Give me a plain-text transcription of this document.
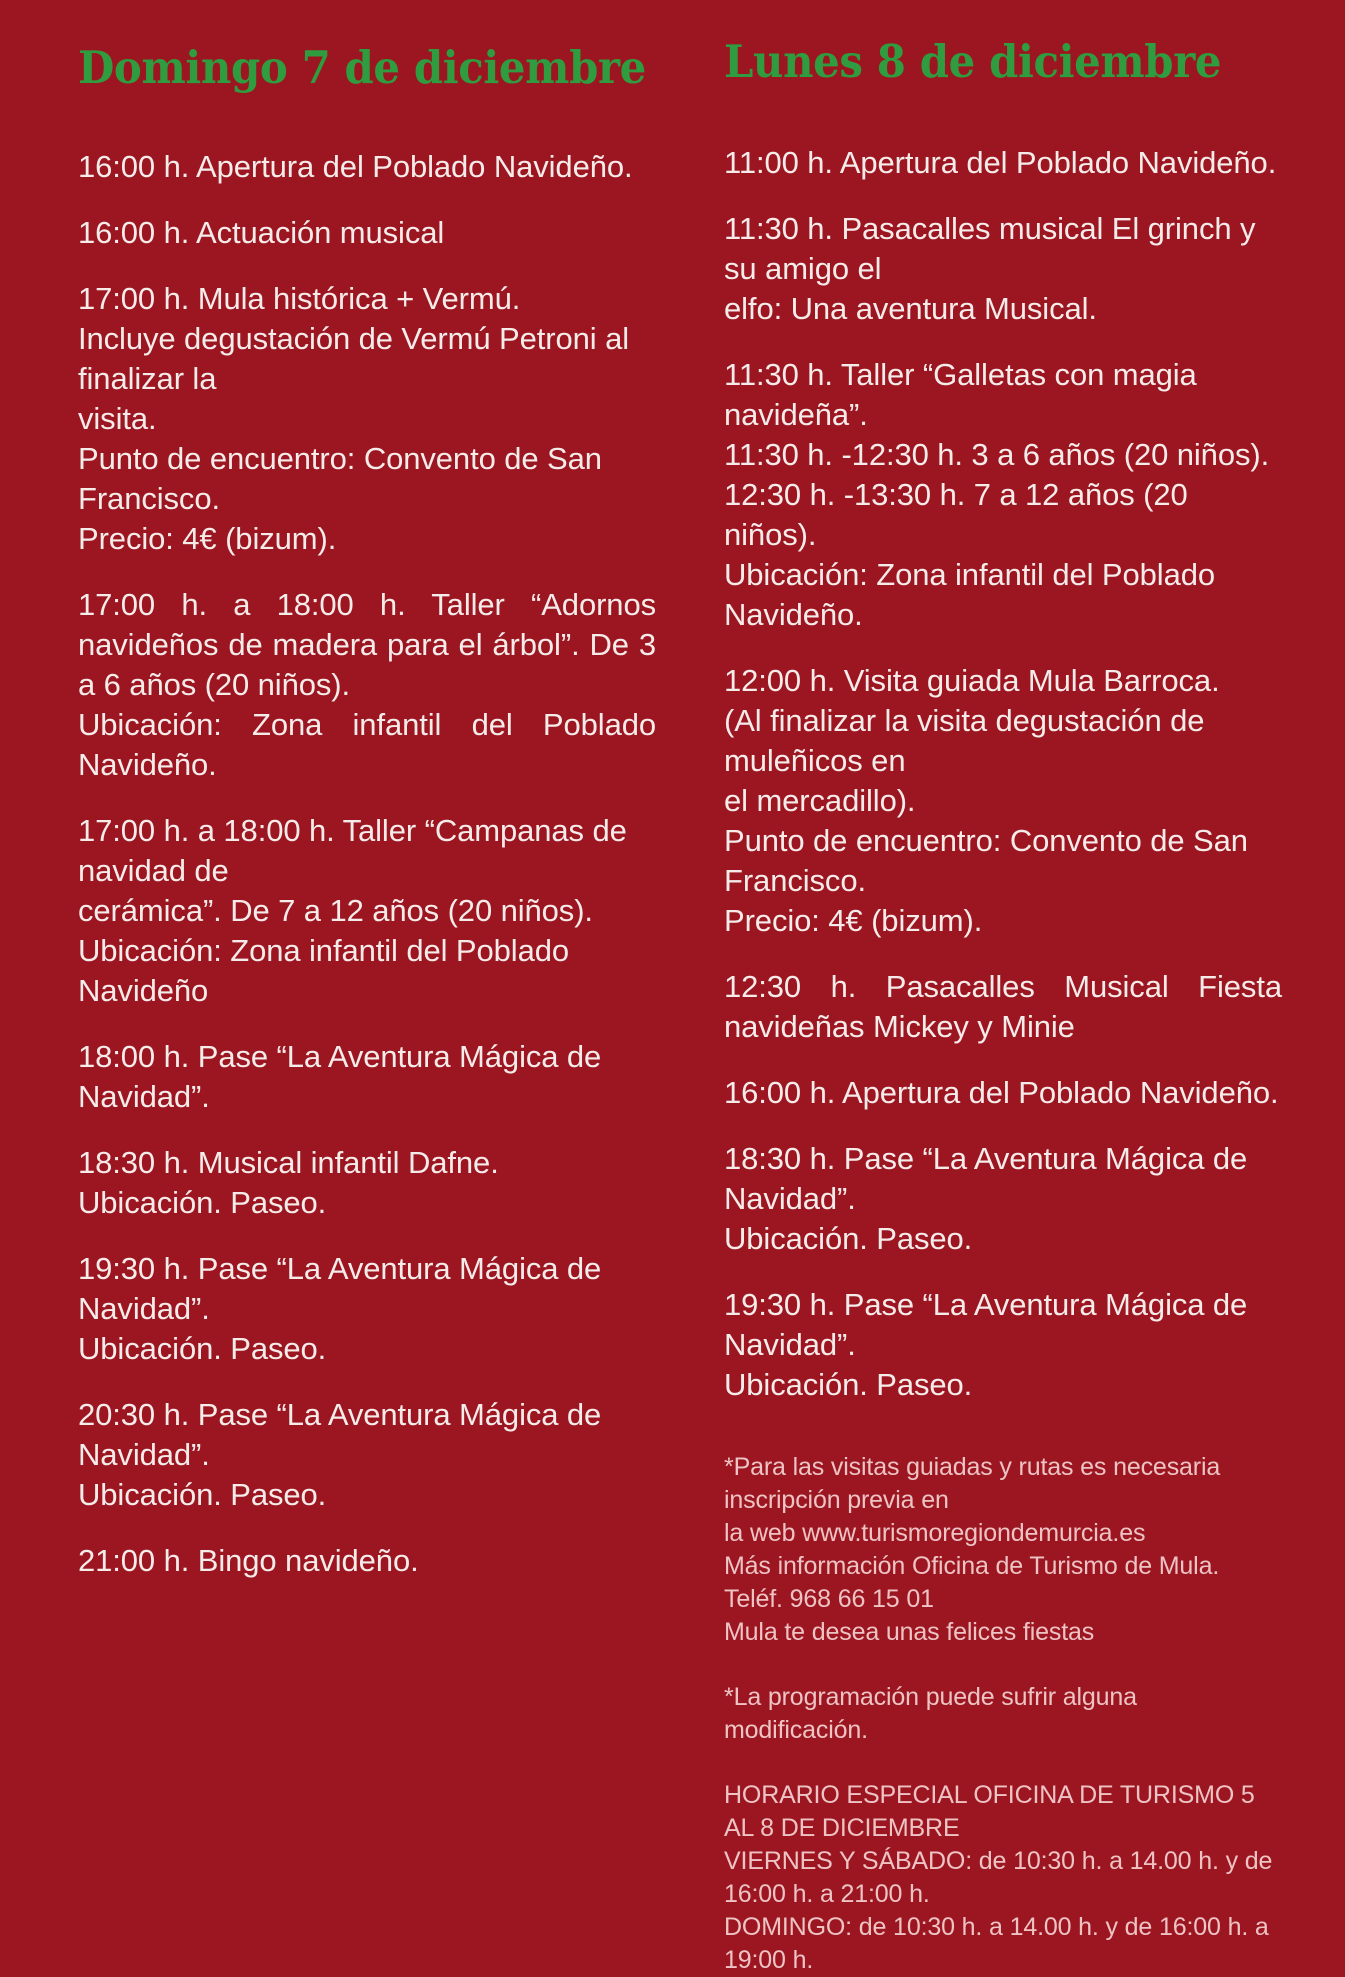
Domingo 7 de diciembre

16:00 h. Apertura del Poblado Navideño.

16:00 h. Actuación musical

17:00 h. Mula histórica + Vermú.
Incluye degustación de Vermú Petroni al finalizar la
visita.
Punto de encuentro: Convento de San Francisco.
Precio: 4€ (bizum).

17:00 h. a 18:00 h. Taller “Adornos navideños de madera para el árbol”. De 3 a 6 años (20 niños).
Ubicación: Zona infantil del Poblado Navideño.

17:00 h. a 18:00 h. Taller “Campanas de navidad de
cerámica”. De 7 a 12 años (20 niños).
Ubicación: Zona infantil del Poblado Navideño

18:00 h. Pase “La Aventura Mágica de Navidad”.

18:30 h. Musical infantil Dafne.
Ubicación. Paseo.

19:30 h. Pase “La Aventura Mágica de Navidad”.
Ubicación. Paseo.

20:30 h. Pase “La Aventura Mágica de Navidad”.
Ubicación. Paseo.

21:00 h. Bingo navideño.

Lunes 8 de diciembre

11:00 h. Apertura del Poblado Navideño.

11:30 h. Pasacalles musical El grinch y su amigo el
elfo: Una aventura Musical.

11:30 h. Taller “Galletas con magia navideña”.
11:30 h. -12:30 h. 3 a 6 años (20 niños).
12:30 h. -13:30 h. 7 a 12 años (20 niños).
Ubicación: Zona infantil del Poblado Navideño.

12:00 h. Visita guiada Mula Barroca.
(Al finalizar la visita degustación de muleñicos en
el mercadillo).
Punto de encuentro: Convento de San Francisco.
Precio: 4€ (bizum).

12:30 h. Pasacalles Musical Fiesta navideñas Mickey y Minie

16:00 h. Apertura del Poblado Navideño.

18:30 h. Pase “La Aventura Mágica de Navidad”.
Ubicación. Paseo.

19:30 h. Pase “La Aventura Mágica de Navidad”.
Ubicación. Paseo.

*Para las visitas guiadas y rutas es necesaria inscripción previa en
la web www.turismoregiondemurcia.es
Más información Oficina de Turismo de Mula. Teléf. 968 66 15 01
Mula te desea unas felices fiestas

*La programación puede sufrir alguna modificación.

HORARIO ESPECIAL OFICINA DE TURISMO 5 AL 8 DE DICIEMBRE
VIERNES Y SÁBADO: de 10:30 h. a 14.00 h. y de 16:00 h. a 21:00 h.
DOMINGO: de 10:30 h. a 14.00 h. y de 16:00 h. a 19:00 h.
